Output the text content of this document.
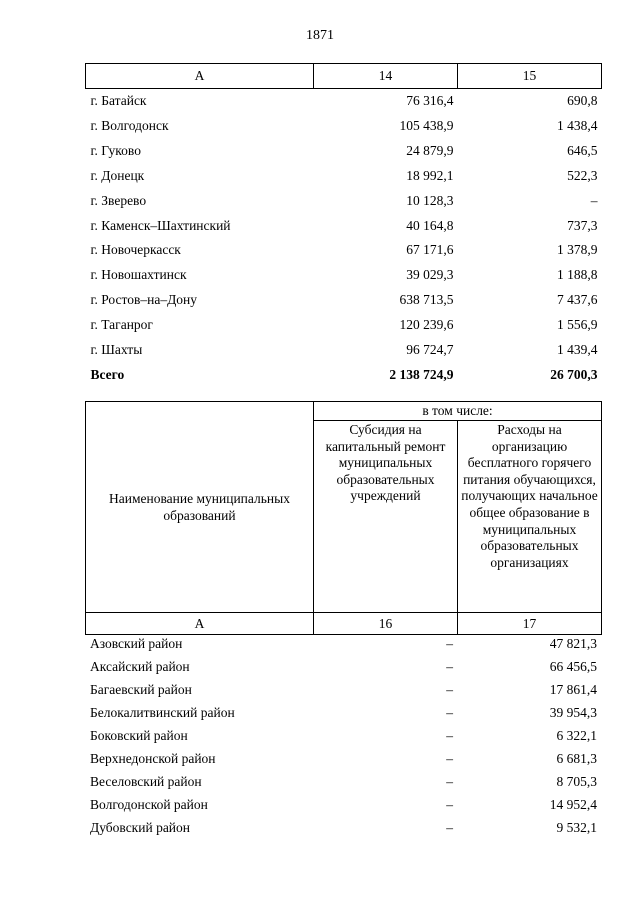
1871
А	14	15
г. Батайск	76 316,4	690,8
г. Волгодонск	105 438,9	1 438,4
г. Гуково	24 879,9	646,5
г. Донецк	18 992,1	522,3
г. Зверево	10 128,3	–
г. Каменск–Шахтинский	40 164,8	737,3
г. Новочеркасск	67 171,6	1 378,9
г. Новошахтинск	39 029,3	1 188,8
г. Ростов–на–Дону	638 713,5	7 437,6
г. Таганрог	120 239,6	1 556,9
г. Шахты	96 724,7	1 439,4
Всего	2 138 724,9	26 700,3
Наименование муниципальных образований	в том числе:	
	Субсидия на капитальный ремонт муниципальных образовательных учреждений	Расходы на организацию бесплатного горячего питания обучающихся, получающих начальное общее образование в муниципальных образовательных организациях
А	16	17
Азовский район	–	47 821,3
Аксайский район	–	66 456,5
Багаевский район	–	17 861,4
Белокалитвинский район	–	39 954,3
Боковский район	–	6 322,1
Верхнедонской район	–	6 681,3
Веселовский район	–	8 705,3
Волгодонской район	–	14 952,4
Дубовский район	–	9 532,1
